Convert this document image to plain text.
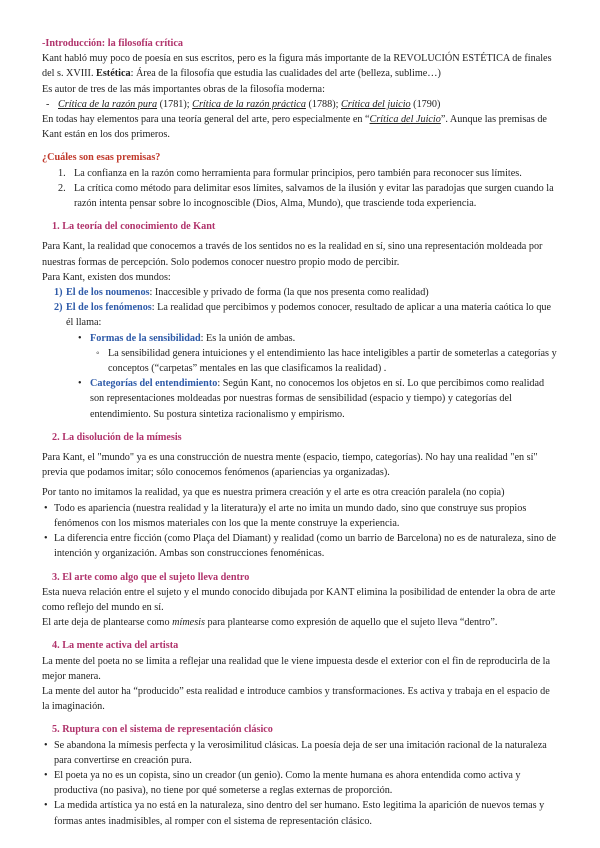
-Introducción: la filosofía crítica

Kant habló muy poco de poesía en sus escritos, pero es la figura más importante de la REVOLUCIÓN ESTÉTICA de finales del s. XVIII. Estética: Área de la filosofía que estudia las cualidades del arte (belleza, sublime…)

Es autor de tres de las más importantes obras de la filosofía moderna:

- Crítica de la razón pura (1781); Crítica de la razón práctica (1788); Crítica del juicio (1790)

En todas hay elementos para una teoría general del arte, pero especialmente en “Crítica del Juicio”. Aunque las premisas de Kant están en los dos primeros.

¿Cuáles son esas premisas?
1. La confianza en la razón como herramienta para formular principios, pero también para reconocer sus límites.
2. La crítica como método para delimitar esos límites, salvamos de la ilusión y evitar las paradojas que surgen cuando la razón intenta pensar sobre lo incognoscible (Dios, Alma, Mundo), que trasciende toda experiencia.
1. La teoría del conocimiento de Kant

Para Kant, la realidad que conocemos a través de los sentidos no es la realidad en sí, sino una representación moldeada por nuestras formas de percepción. Solo podemos conocer nuestro propio modo de percibir.

Para Kant, existen dos mundos:

1) El de los noumenos: Inaccesible y privado de forma (la que nos presenta como realidad)

2) El de los fenómenos: La realidad que percibimos y podemos conocer, resultado de aplicar a una materia caótica lo que él llama:

• Formas de la sensibilidad: Es la unión de ambas.

◦ La sensibilidad genera intuiciones y el entendimiento las hace inteligibles a partir de someterlas a categorías y conceptos (“carpetas” mentales en las que clasificamos la realidad) .

• Categorías del entendimiento: Según Kant, no conocemos los objetos en sí. Lo que percibimos como realidad son representaciones moldeadas por nuestras formas de sensibilidad (espacio y tiempo) y categorías del entendimiento. Su postura sintetiza racionalismo y empirismo.

2. La disolución de la mímesis

Para Kant, el "mundo" ya es una construcción de nuestra mente (espacio, tiempo, categorías). No hay una realidad "en sí" previa que podamos imitar; sólo conocemos fenómenos (apariencias ya organizadas).

Por tanto no imitamos la realidad, ya que es nuestra primera creación y el arte es otra creación paralela (no copia)

• Todo es apariencia (nuestra realidad y la literatura)y el arte no imita un mundo dado, sino que construye sus propios fenómenos con los mismos materiales con los que la mente construye la experiencia.

• La diferencia entre ficción (como Plaça del Diamant) y realidad (como un barrio de Barcelona) no es de naturaleza, sino de intención y organización. Ambas son construcciones fenoménicas.

3. El arte como algo que el sujeto lleva dentro

Esta nueva relación entre el sujeto y el mundo conocido dibujada por KANT elimina la posibilidad de entender la obra de arte como reflejo del mundo en sí.

El arte deja de plantearse como mímesis para plantearse como expresión de aquello que el sujeto lleva “dentro”.

4. La mente activa del artista

La mente del poeta no se limita a reflejar una realidad que le viene impuesta desde el exterior con el fin de reproducirla de la mejor manera.

La mente del autor ha “producido” esta realidad e introduce cambios y transformaciones. Es activa y trabaja en el espacio de la imaginación.

5. Ruptura con el sistema de representación clásico

• Se abandona la mímesis perfecta y la verosimilitud clásicas. La poesía deja de ser una imitación racional de la naturaleza para convertirse en creación pura.

• El poeta ya no es un copista, sino un creador (un genio). Como la mente humana es ahora entendida como activa y productiva (no pasiva), no tiene por qué someterse a reglas externas de proporción.

• La medida artística ya no está en la naturaleza, sino dentro del ser humano. Esto legitima la aparición de nuevos temas y formas antes inadmisibles, al romper con el sistema de representación clásico.
